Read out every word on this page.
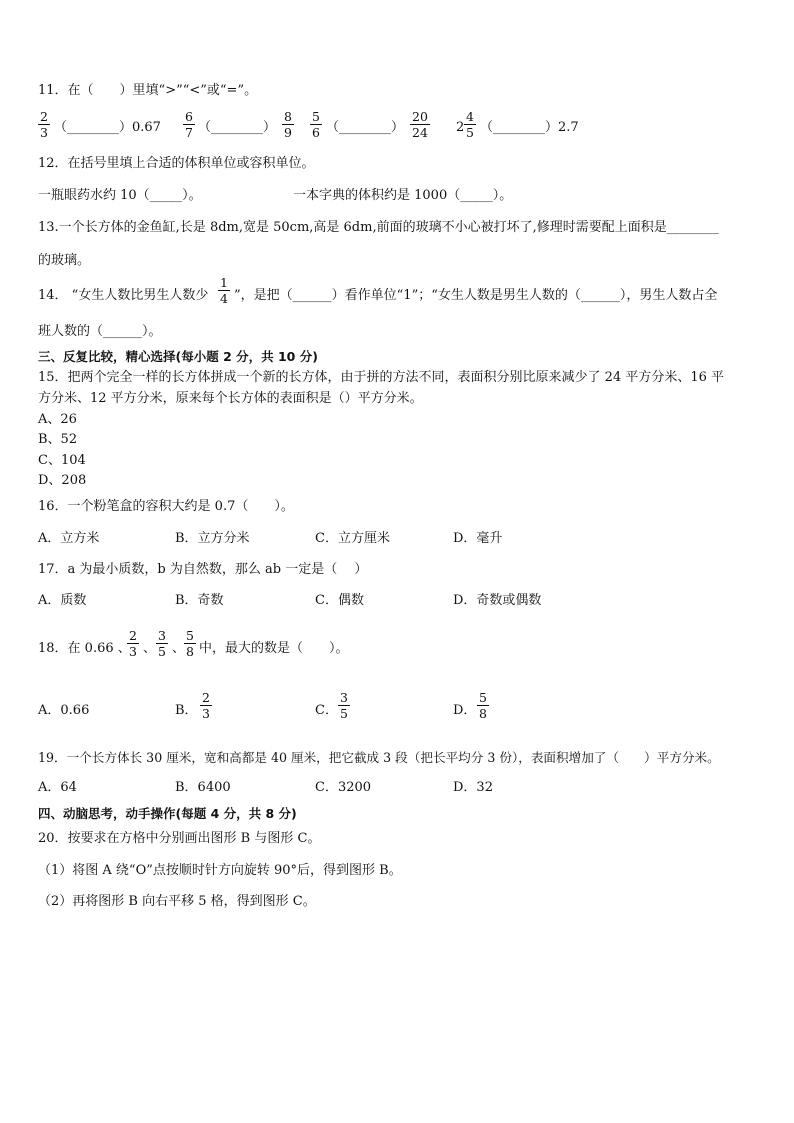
11．在（　　）里填“>”“<”或“=”。
$\frac{2}{3}$ （________）0.67 $\frac{6}{7}$ （________） $\frac{8}{9} \frac{5}{6}$ （________） $\frac{20}{24} 2 \frac{4}{5}$ （________）2.7
12．在括号里填上合适的体积单位或容积单位。
一瓶眼药水约 10（_____）。	一本字典的体积约是 1000（_____）。
13.一个长方体的金鱼缸,长是 8dm,宽是 50cm,高是 6dm,前面的玻璃不小心被打坏了,修理时需要配上面积是________
的玻璃。
14． “女生人数比男生人数少 $\frac{1}{4}$ ”，是把（______）看作单位“1”；“女生人数是男生人数的（______），男生人数占全
班人数的（______）。
三、反复比较，精心选择(每小题 2 分，共 10 分)
15．把两个完全一样的长方体拼成一个新的长方体，由于拼的方法不同，表面积分别比原来减少了 24 平方分米、16 平
方分米、12 平方分米，原来每个长方体的表面积是（）平方分米。
A、26
B、52
C、104
D、208
16．一个粉笔盒的容积大约是 0.7（　　）。
A．立方米	B．立方分米	C．立方厘米	D．毫升
17．a 为最小质数，b 为自然数，那么 ab 一定是（　 ）
A．质数	B．奇数	C．偶数	D．奇数或偶数
18．在 0.66 、
$\frac{2}{3}$ 、 $\frac{3}{5}$ 、
$\frac{5}{8}$ 中，最大的数是（　　）。
A．0.66	B． $\frac{2}{3}$	C． $\frac{3}{5}$	D． $\frac{5}{8}$
19．一个长方体长 30 厘米，宽和高都是 40 厘米，把它截成 3 段（把长平均分 3 份），表面积增加了（　　）平方分米。
A．64	B．6400	C．3200	D．32
四、动脑思考，动手操作(每题 4 分，共 8 分)
20．按要求在方格中分别画出图形 B 与图形 C。
（1）将图 A 绕“O”点按顺时针方向旋转 90°后，得到图形 B。
（2）再将图形 B 向右平移 5 格，得到图形 C。
